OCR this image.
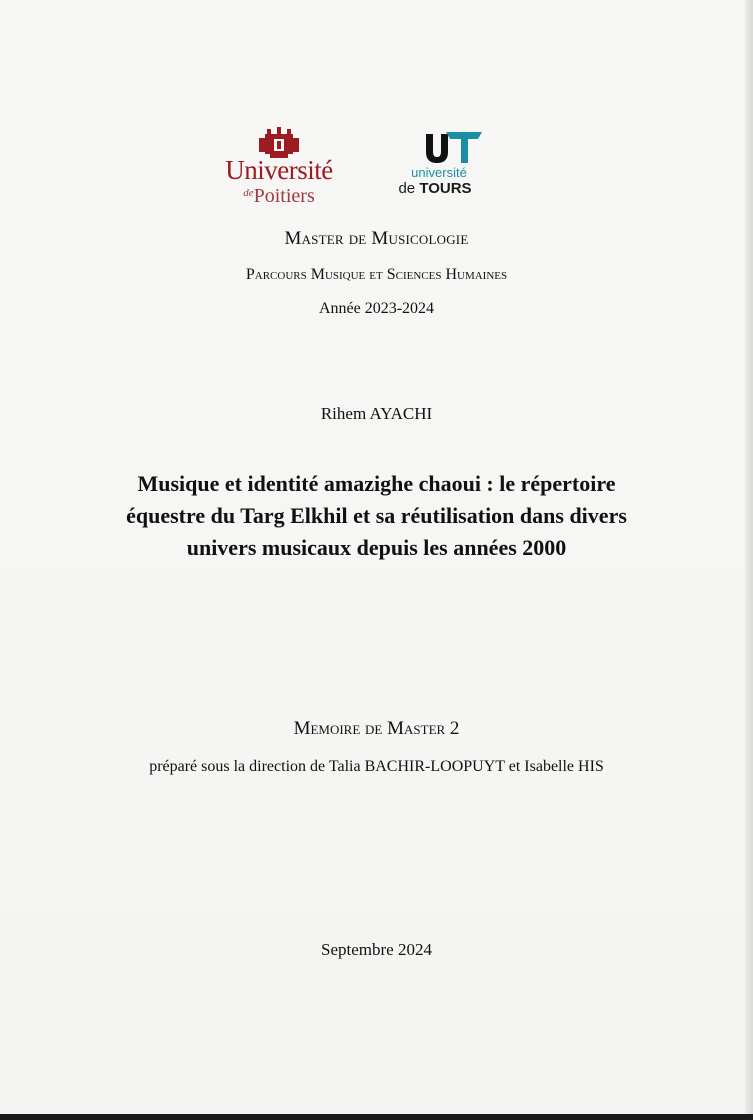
Université
$^{de}$Poitiers
université
de TOURS
Master de Musicologie
Parcours Musique et Sciences Humaines
Année 2023-2024
Rihem AYACHI
Musique et identité amazighe chaoui : le répertoire
équestre du Targ Elkhil et sa réutilisation dans divers
univers musicaux depuis les années 2000
Memoire de Master 2
préparé sous la direction de Talia BACHIR-LOOPUYT et Isabelle HIS
Septembre 2024
